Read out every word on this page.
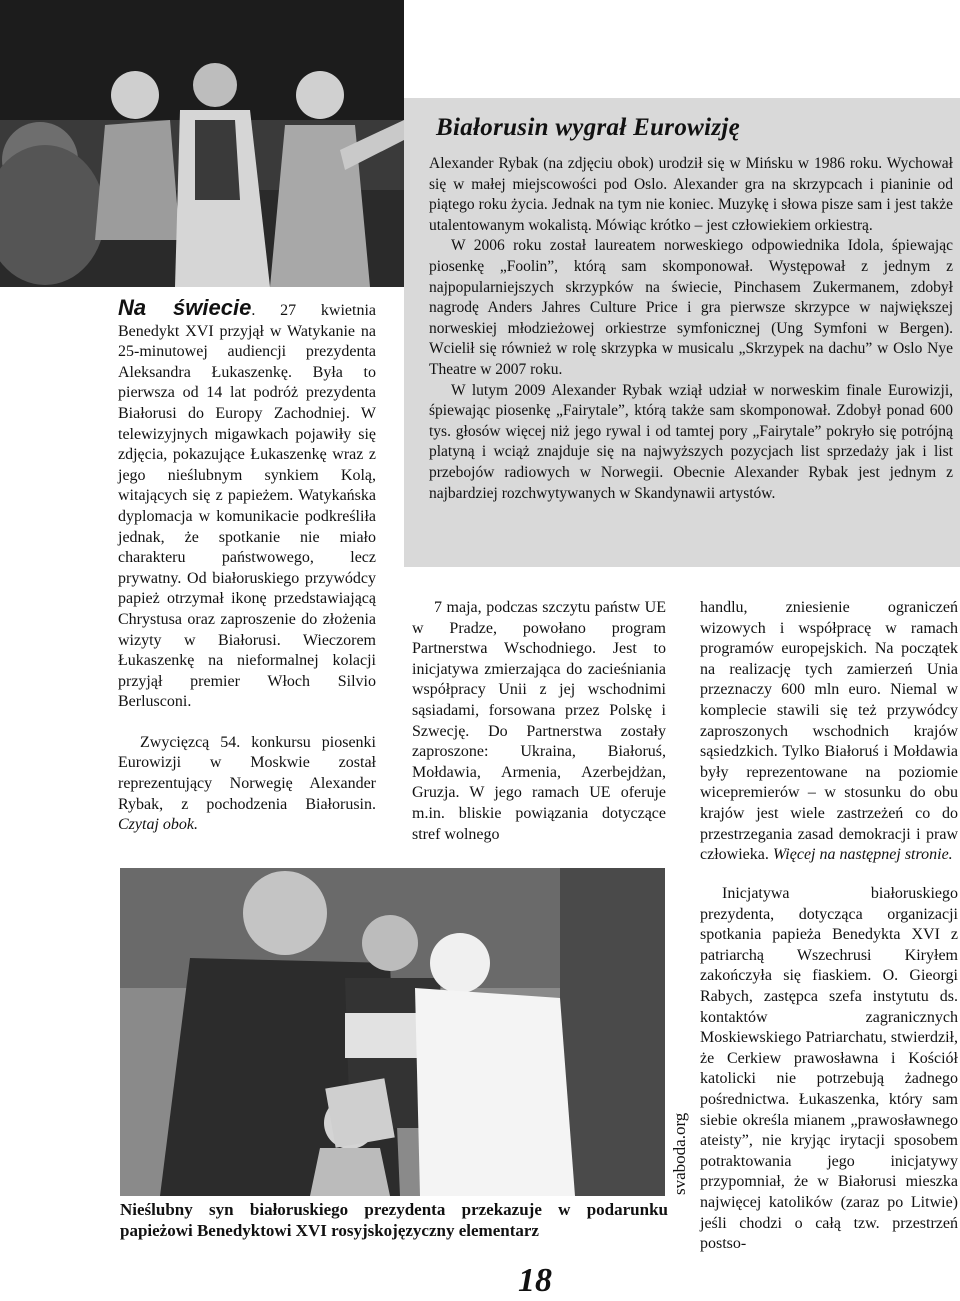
Białorusin wygrał Eurowizję

Alexander Rybak (na zdjęciu obok) urodził się w Mińsku w 1986 roku. Wychował się w małej miejscowości pod Oslo. Alexander gra na skrzypcach i pianinie od piątego roku życia. Jednak na tym nie koniec. Muzykę i słowa pisze sam i jest także utalentowanym wokalistą. Mówiąc krótko – jest człowiekiem orkiestrą.

W 2006 roku został laureatem norweskiego odpowiednika Idola, śpiewając piosenkę „Foolin”, którą sam skomponował. Występował z jednym z najpopularniejszych skrzypków na świecie, Pinchasem Zukermanem, zdobył nagrodę Anders Jahres Culture Price i gra pierwsze skrzypce w największej norweskiej młodzieżowej orkiestrze symfonicznej (Ung Symfoni w Bergen). Wcielił się również w rolę skrzypka w musicalu „Skrzypek na dachu” w Oslo Nye Theatre w 2007 roku.

W lutym 2009 Alexander Rybak wziął udział w norweskim finale Eurowizji, śpiewając piosenkę „Fairytale”, którą także sam skomponował. Zdobył ponad 600 tys. głosów więcej niż jego rywal i od tamtej pory „Fairytale” pokryło się potrójną platyną i wciąż znajduje się na najwyższych pozycjach list sprzedaży jak i list przebojów radiowych w Norwegii. Obecnie Alexander Rybak jest jednym z najbardziej rozchwytywanych w Skandynawii artystów.

Na świecie. 27 kwietnia Benedykt XVI przyjął w Watykanie na 25-minutowej audiencji prezydenta Aleksandra Łukaszenkę. Była to pierwsza od 14 lat podróż prezydenta Białorusi do Europy Zachodniej. W telewizyjnych migawkach pojawiły się zdjęcia, pokazujące Łukaszenkę wraz z jego nieślubnym synkiem Kolą, witających się z papieżem. Watykańska dyplomacja w komunikacie podkreśliła jednak, że spotkanie nie miało charakteru państwowego, lecz prywatny. Od białoruskiego przywódcy papież otrzymał ikonę przedstawiającą Chrystusa oraz zaproszenie do złożenia wizyty w Białorusi. Wieczorem Łukaszenkę na nieformalnej kolacji przyjął premier Włoch Silvio Berlusconi.

Zwycięzcą 54. konkursu piosenki Eurowizji w Moskwie został reprezentujący Norwegię Alexander Rybak, z pochodzenia Białorusin. Czytaj obok.

7 maja, podczas szczytu państw UE w Pradze, powołano program Partnerstwa Wschodniego. Jest to inicjatywa zmierzająca do zacieśniania współpracy Unii z jej wschodnimi sąsiadami, forsowana przez Polskę i Szwecję. Do Partnerstwa zostały zaproszone: Ukraina, Białoruś, Mołdawia, Armenia, Azerbejdżan, Gruzja. W jego ramach UE oferuje m.in. bliskie powiązania dotyczące stref wolnego

handlu, zniesienie ograniczeń wizowych i współpracę w ramach programów europejskich. Na początek na realizację tych zamierzeń Unia przeznaczy 600 mln euro. Niemal w komplecie stawili się też przywódcy zaproszonych wschodnich krajów sąsiedzkich. Tylko Białoruś i Mołdawia były reprezentowane na poziomie wicepremierów – w stosunku do obu krajów jest wiele zastrzeżeń co do przestrzegania zasad demokracji i praw człowieka. Więcej na następnej stronie.

svaboda.org

Nieślubny syn białoruskiego prezydenta przekazuje w podarunku papieżowi Benedyktowi XVI rosyjskojęzyczny elementarz

Inicjatywa białoruskiego prezydenta, dotycząca organizacji spotkania papieża Benedykta XVI z patriarchą Wszechrusi Kiryłem zakończyła się fiaskiem. O. Gieorgi Rabych, zastępca szefa instytutu ds. kontaktów zagranicznych Moskiewskiego Patriarchatu, stwierdził, że Cerkiew prawosławna i Kościół katolicki nie potrzebują żadnego pośrednictwa. Łukaszenka, który sam siebie określa mianem „prawosławnego ateisty”, nie kryjąc irytacji sposobem potraktowania jego inicjatywy przypomniał, że w Białorusi mieszka najwięcej katolików (zaraz po Litwie) jeśli chodzi o całą tzw. przestrzeń postso-

18
